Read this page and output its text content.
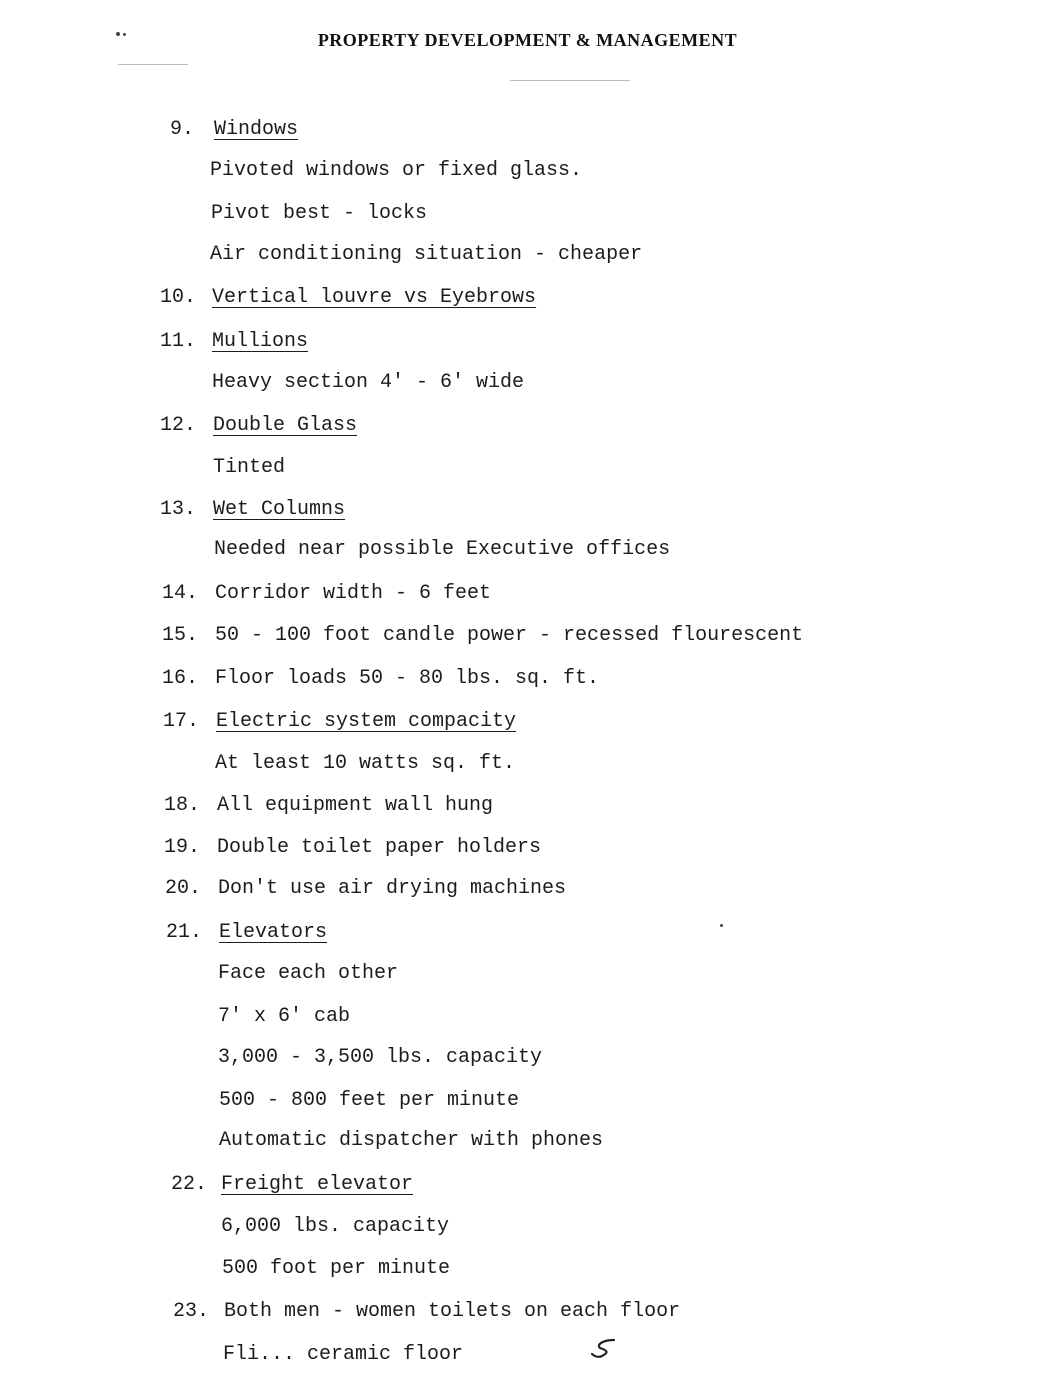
PROPERTY DEVELOPMENT & MANAGEMENT
9. Windows
Pivoted windows or fixed glass.
Pivot best - locks
Air conditioning situation - cheaper
10. Vertical louvre vs Eyebrows
11. Mullions
Heavy section 4' - 6' wide
12. Double Glass
Tinted
13. Wet Columns
Needed near possible Executive offices
14. Corridor width - 6 feet
15. 50 - 100 foot candle power - recessed flourescent
16. Floor loads 50 - 80 lbs. sq. ft.
17. Electric system compacity
At least 10 watts sq. ft.
18. All equipment wall hung
19. Double toilet paper holders
20. Don't use air drying machines
21. Elevators
Face each other
7' x 6' cab
3,000 - 3,500 lbs. capacity
500 - 800 feet per minute
Automatic dispatcher with phones
22. Freight elevator
6,000 lbs. capacity
500 foot per minute
23. Both men - women toilets on each floor
Fli... ceramic floor
